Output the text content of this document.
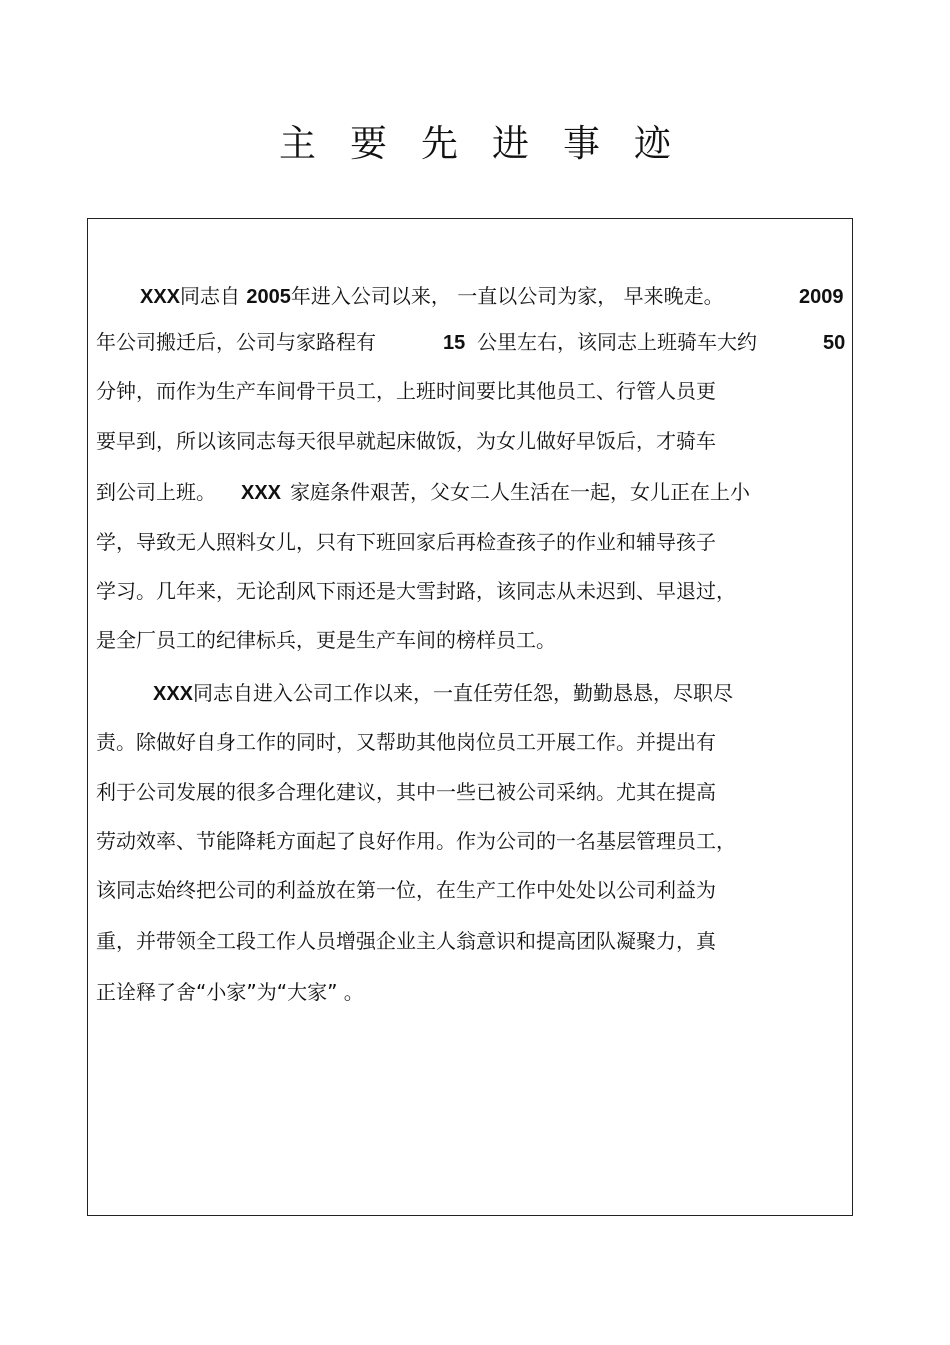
主 要 先 进 事 迹
XXX同志自 2005年进入公司以来， 一直以公司为家， 早来晚走。	2009
年公司搬迁后，公司与家路程有	15 公里左右，该同志上班骑车大约	50
分钟，而作为生产车间骨干员工，上班时间要比其他员工、行管人员更
要早到，所以该同志每天很早就起床做饭，为女儿做好早饭后，才骑车
到公司上班。 XXX 家庭条件艰苦，父女二人生活在一起，女儿正在上小
学，导致无人照料女儿，只有下班回家后再检查孩子的作业和辅导孩子
学习。几年来，无论刮风下雨还是大雪封路，该同志从未迟到、早退过，
是全厂员工的纪律标兵，更是生产车间的榜样员工。
XXX同志自进入公司工作以来，一直任劳任怨，勤勤恳恳，尽职尽
责。除做好自身工作的同时，又帮助其他岗位员工开展工作。并提出有
利于公司发展的很多合理化建议，其中一些已被公司采纳。尤其在提高
劳动效率、节能降耗方面起了良好作用。作为公司的一名基层管理员工，
该同志始终把公司的利益放在第一位，在生产工作中处处以公司利益为
重，并带领全工段工作人员增强企业主人翁意识和提高团队凝聚力，真
正诠释了舍“小家”为“大家” 。
